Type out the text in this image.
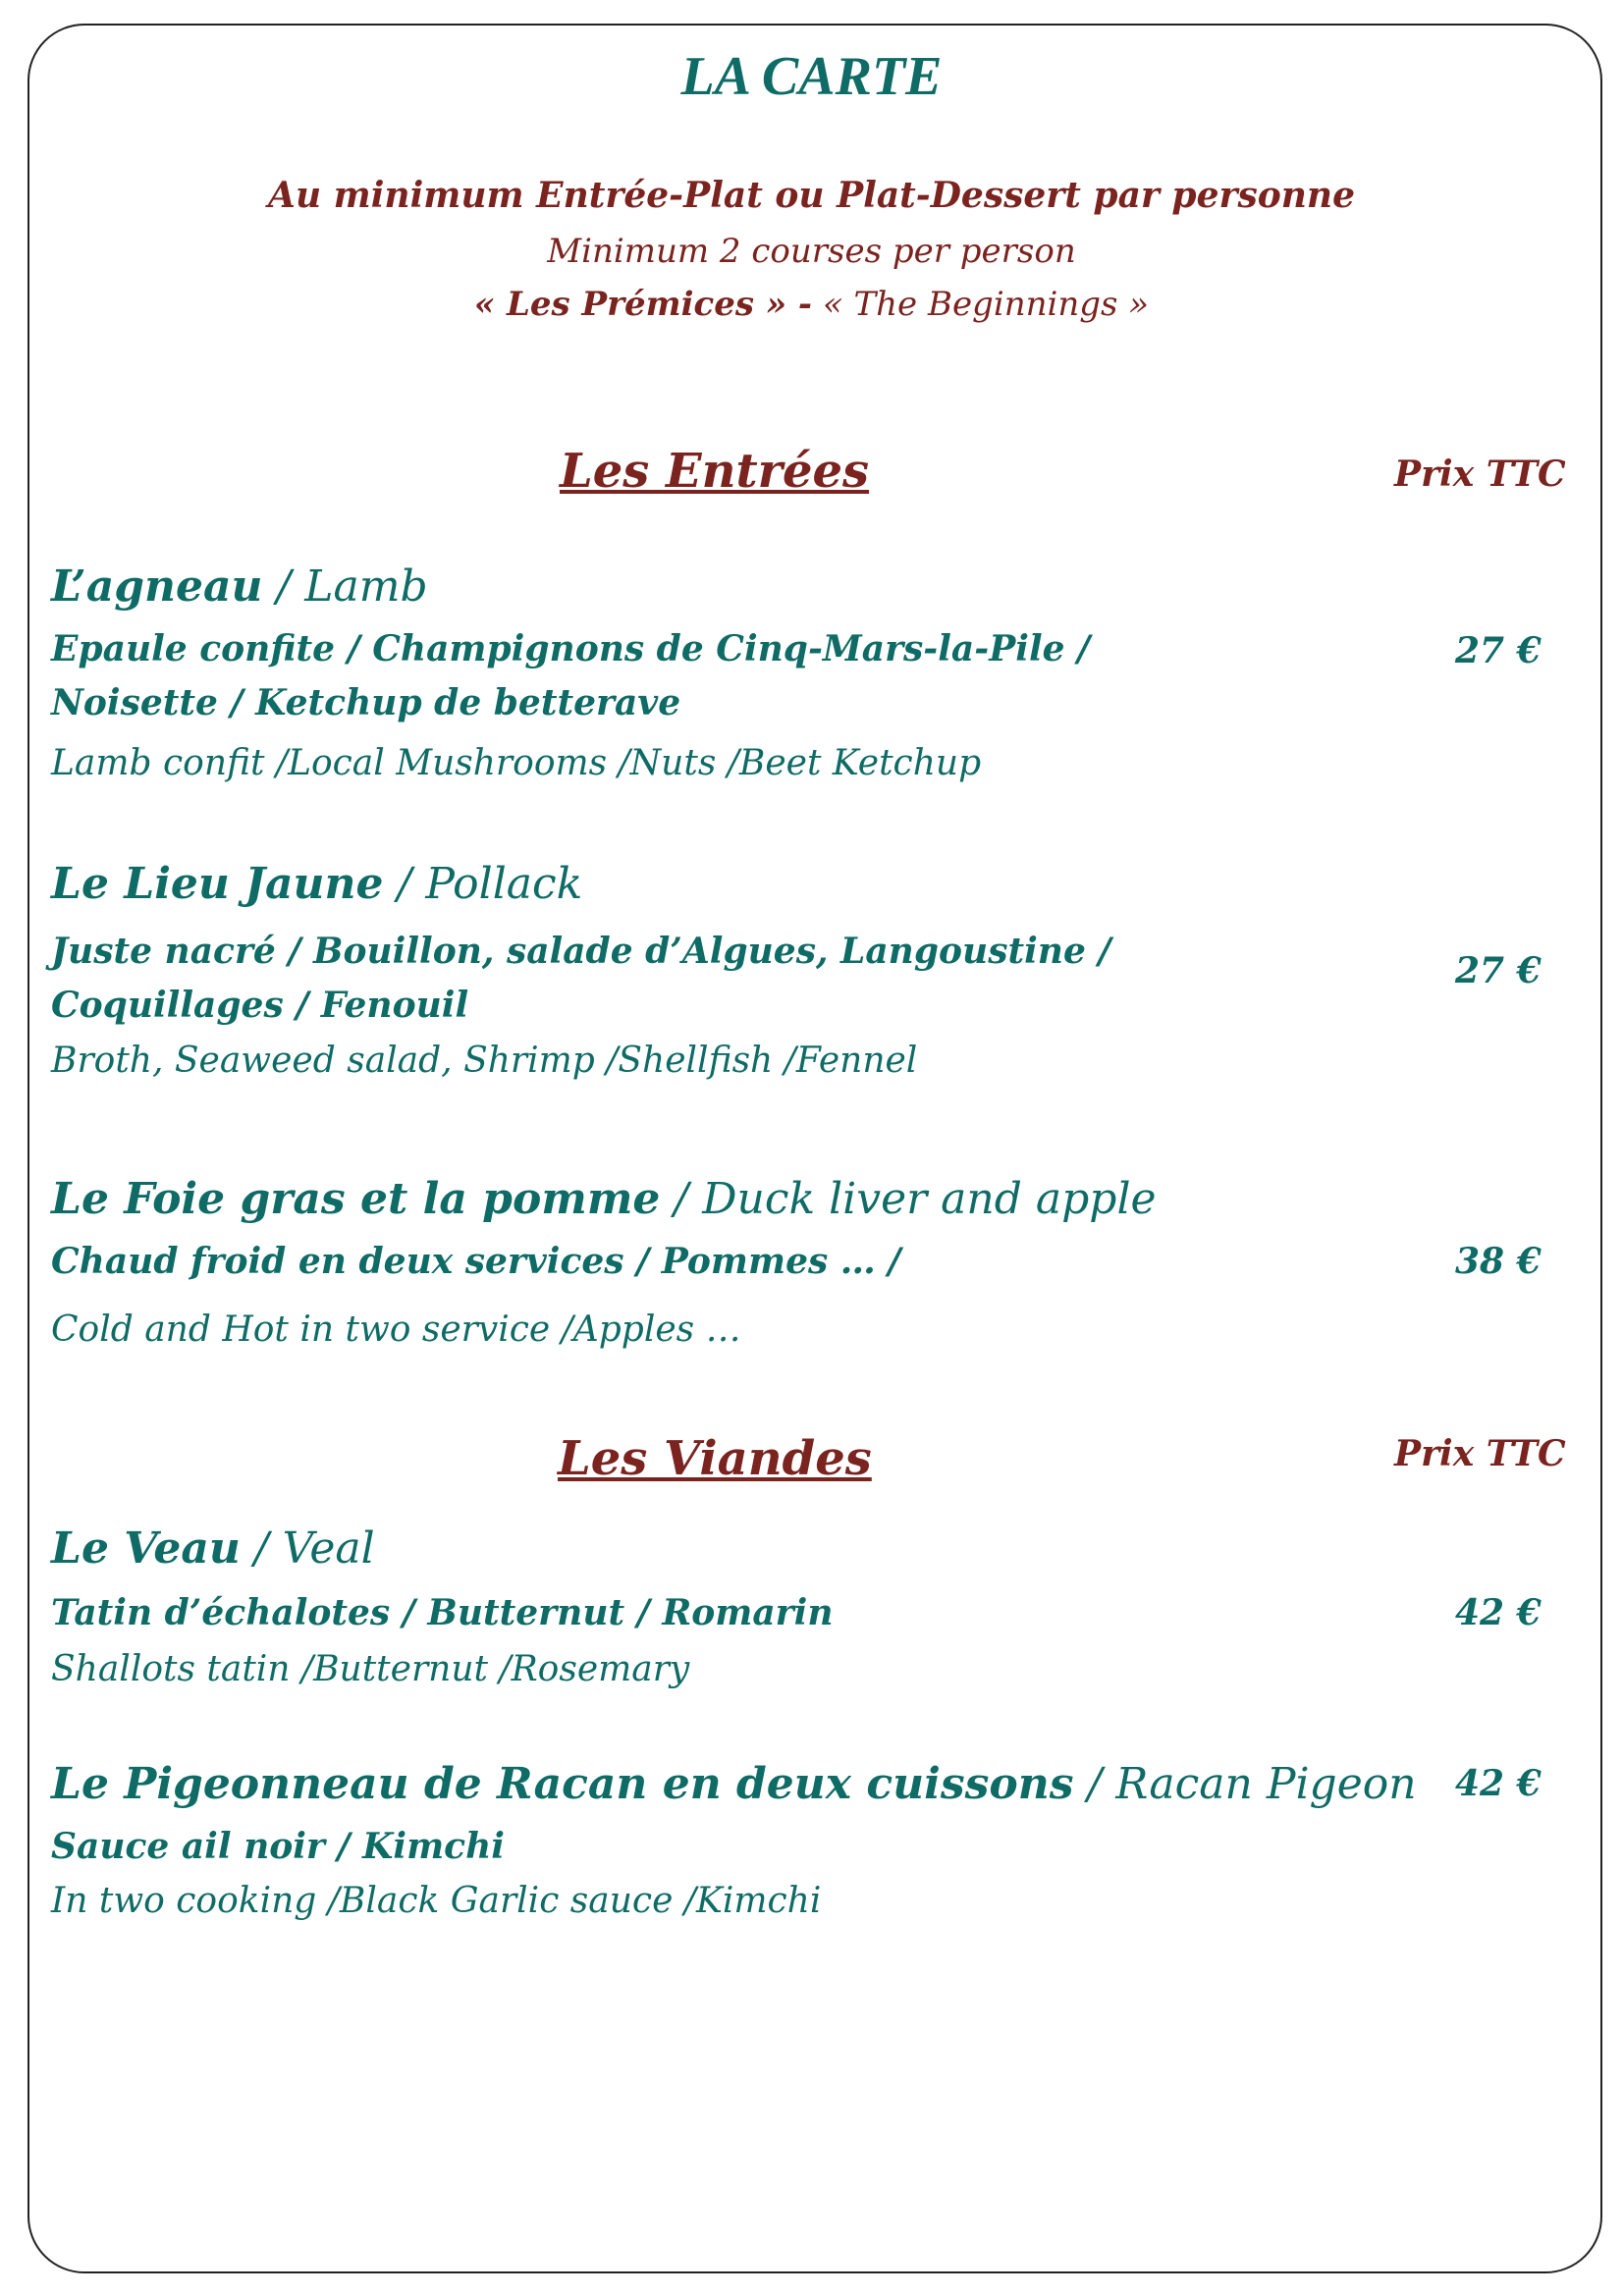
LA CARTE
Au minimum Entrée-Plat ou Plat-Dessert par personne
Minimum 2 courses per person
« Les Prémices » - « The Beginnings »
Les Entrées	Prix TTC
L’agneau / Lamb
Epaule confite / Champignons de Cinq-Mars-la-Pile /
Noisette / Ketchup de betterave
Lamb confit /Local Mushrooms /Nuts /Beet Ketchup
27 €
Le Lieu Jaune / Pollack
Juste nacré / Bouillon, salade d’Algues, Langoustine /
Coquillages / Fenouil
Broth, Seaweed salad, Shrimp /Shellfish /Fennel
27 €
Le Foie gras et la pomme / Duck liver and apple
Chaud froid en deux services / Pommes … /
Cold and Hot in two service /Apples …
38 €
Les Viandes	Prix TTC
Le Veau / Veal
Tatin d’échalotes / Butternut / Romarin
Shallots tatin /Butternut /Rosemary
42 €
Le Pigeonneau de Racan en deux cuissons / Racan Pigeon
Sauce ail noir / Kimchi
In two cooking /Black Garlic sauce /Kimchi
42 €
